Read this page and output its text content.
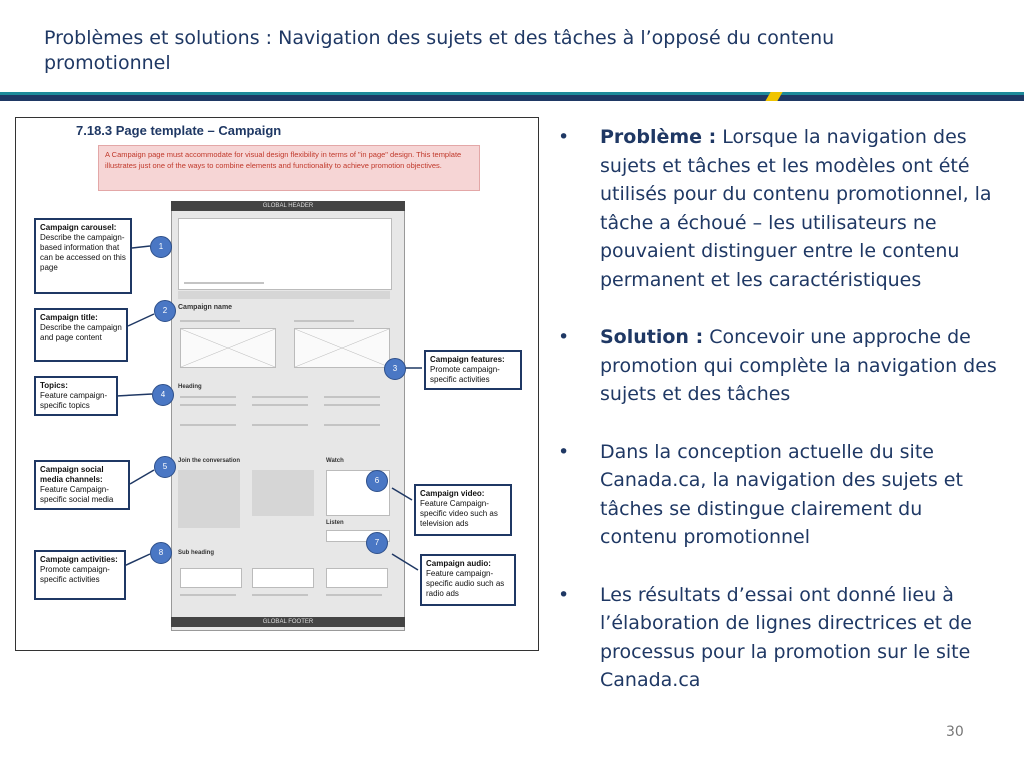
Problèmes et solutions : Navigation des sujets et des tâches à l’opposé du contenu promotionnel
7.18.3 Page template – Campaign
A Campaign page must accommodate for visual design flexibility in terms of "in page" design. This template illustrates just one of the ways to combine elements and functionality to achieve promotion objectives.
GLOBAL HEADER
GLOBAL FOOTER
Campaign name
Heading
Join the conversation	Watch
Listen
Sub heading
Campaign carousel:
Describe the campaign-based information that can be accessed on this page
1
Campaign title:
Describe the campaign and page content
2
Topics:
Feature campaign-specific topics
4
Campaign social media channels:
Feature Campaign-specific social media
5
Campaign activities:
Promote campaign-specific activities
8
Campaign features:
Promote campaign-specific activities
3
Campaign video:
Feature Campaign-specific video such as television ads
6
Campaign audio:
Feature campaign-specific audio such as radio ads
7
• Problème : Lorsque la navigation des sujets et tâches et les modèles ont été utilisés pour du contenu promotionnel, la tâche a échoué – les utilisateurs ne pouvaient distinguer entre le contenu permanent et les caractéristiques
• Solution : Concevoir une approche de promotion qui complète la navigation des sujets et des tâches
• Dans la conception actuelle du site Canada.ca, la navigation des sujets et tâches se distingue clairement du contenu promotionnel
• Les résultats d’essai ont donné lieu à l’élaboration de lignes directrices et de processus pour la promotion sur le site Canada.ca
30
